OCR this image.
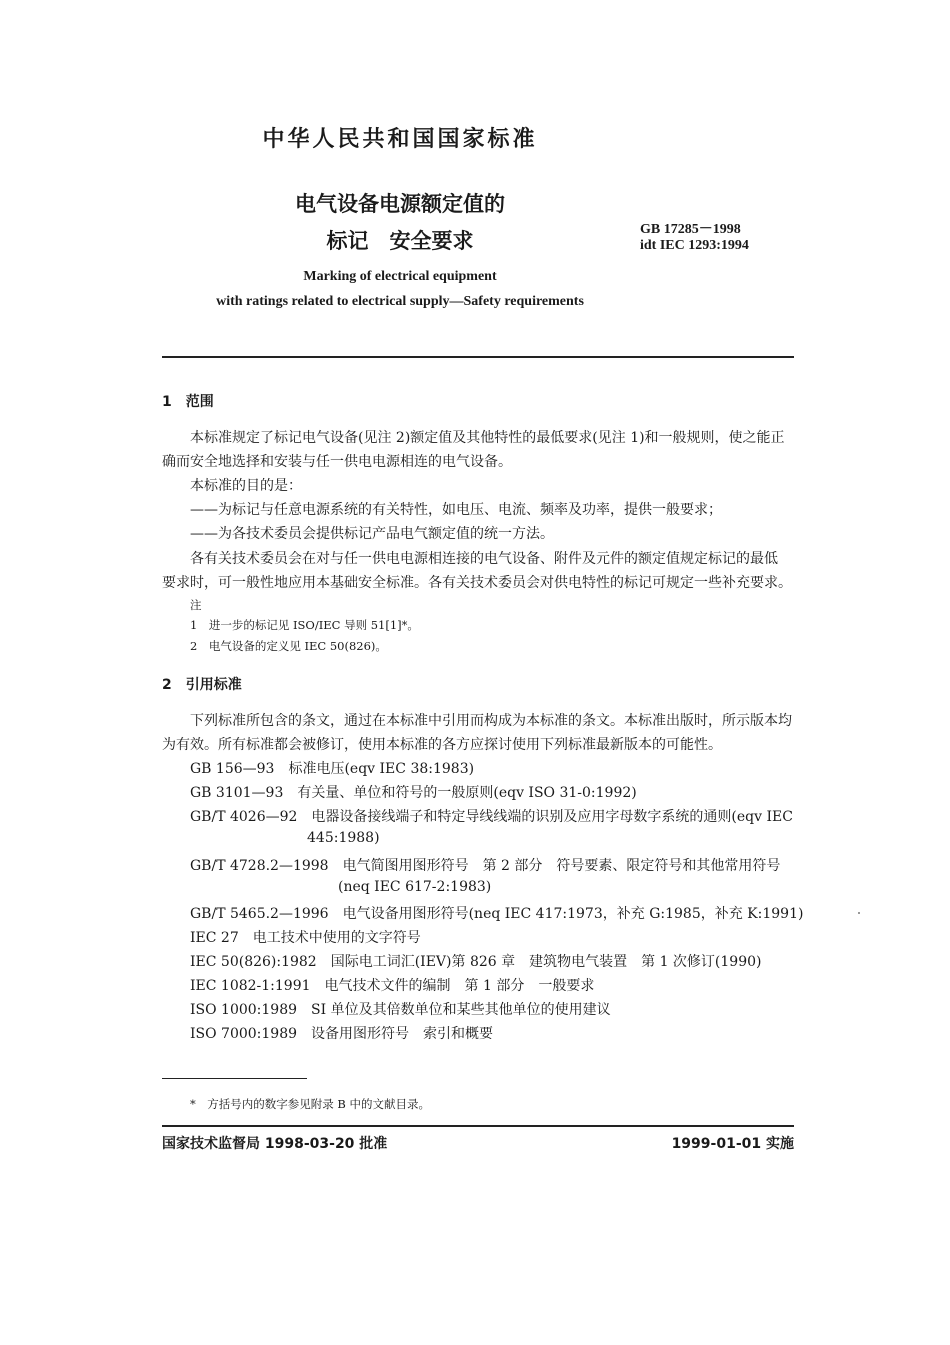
中华人民共和国国家标准
电气设备电源额定值的
标记　安全要求	GB 17285－1998
idt IEC 1293:1994
Marking of electrical equipment
with ratings related to electrical supply—Safety requirements
1　范围
本标准规定了标记电气设备(见注 2)额定值及其他特性的最低要求(见注 1)和一般规则，使之能正
确而安全地选择和安装与任一供电电源相连的电气设备。
本标准的目的是：
——为标记与任意电源系统的有关特性，如电压、电流、频率及功率，提供一般要求；
——为各技术委员会提供标记产品电气额定值的统一方法。
各有关技术委员会在对与任一供电电源相连接的电气设备、附件及元件的额定值规定标记的最低
要求时，可一般性地应用本基础安全标准。各有关技术委员会对供电特性的标记可规定一些补充要求。
注
1　进一步的标记见 ISO/IEC 导则 51[1]*。
2　电气设备的定义见 IEC 50(826)。
2　引用标准
下列标准所包含的条文，通过在本标准中引用而构成为本标准的条文。本标准出版时，所示版本均
为有效。所有标准都会被修订，使用本标准的各方应探讨使用下列标准最新版本的可能性。
GB 156—93　标准电压(eqv IEC 38:1983)
GB 3101—93　有关量、单位和符号的一般原则(eqv ISO 31-0:1992)
GB/T 4026—92　电器设备接线端子和特定导线线端的识别及应用字母数字系统的通则(eqv IEC
445:1988)
GB/T 4728.2—1998　电气简图用图形符号　第 2 部分　符号要素、限定符号和其他常用符号
(neq IEC 617-2:1983)
GB/T 5465.2—1996　电气设备用图形符号(neq IEC 417:1973，补充 G:1985，补充 K:1991)
IEC 27　电工技术中使用的文字符号
IEC 50(826):1982　国际电工词汇(IEV)第 826 章　建筑物电气装置　第 1 次修订(1990)
IEC 1082-1:1991　电气技术文件的编制　第 1 部分　一般要求
ISO 1000:1989　SI 单位及其倍数单位和某些其他单位的使用建议
ISO 7000:1989　设备用图形符号　索引和概要
*　方括号内的数字参见附录 B 中的文献目录。
国家技术监督局 1998-03-20 批准	1999-01-01 实施
